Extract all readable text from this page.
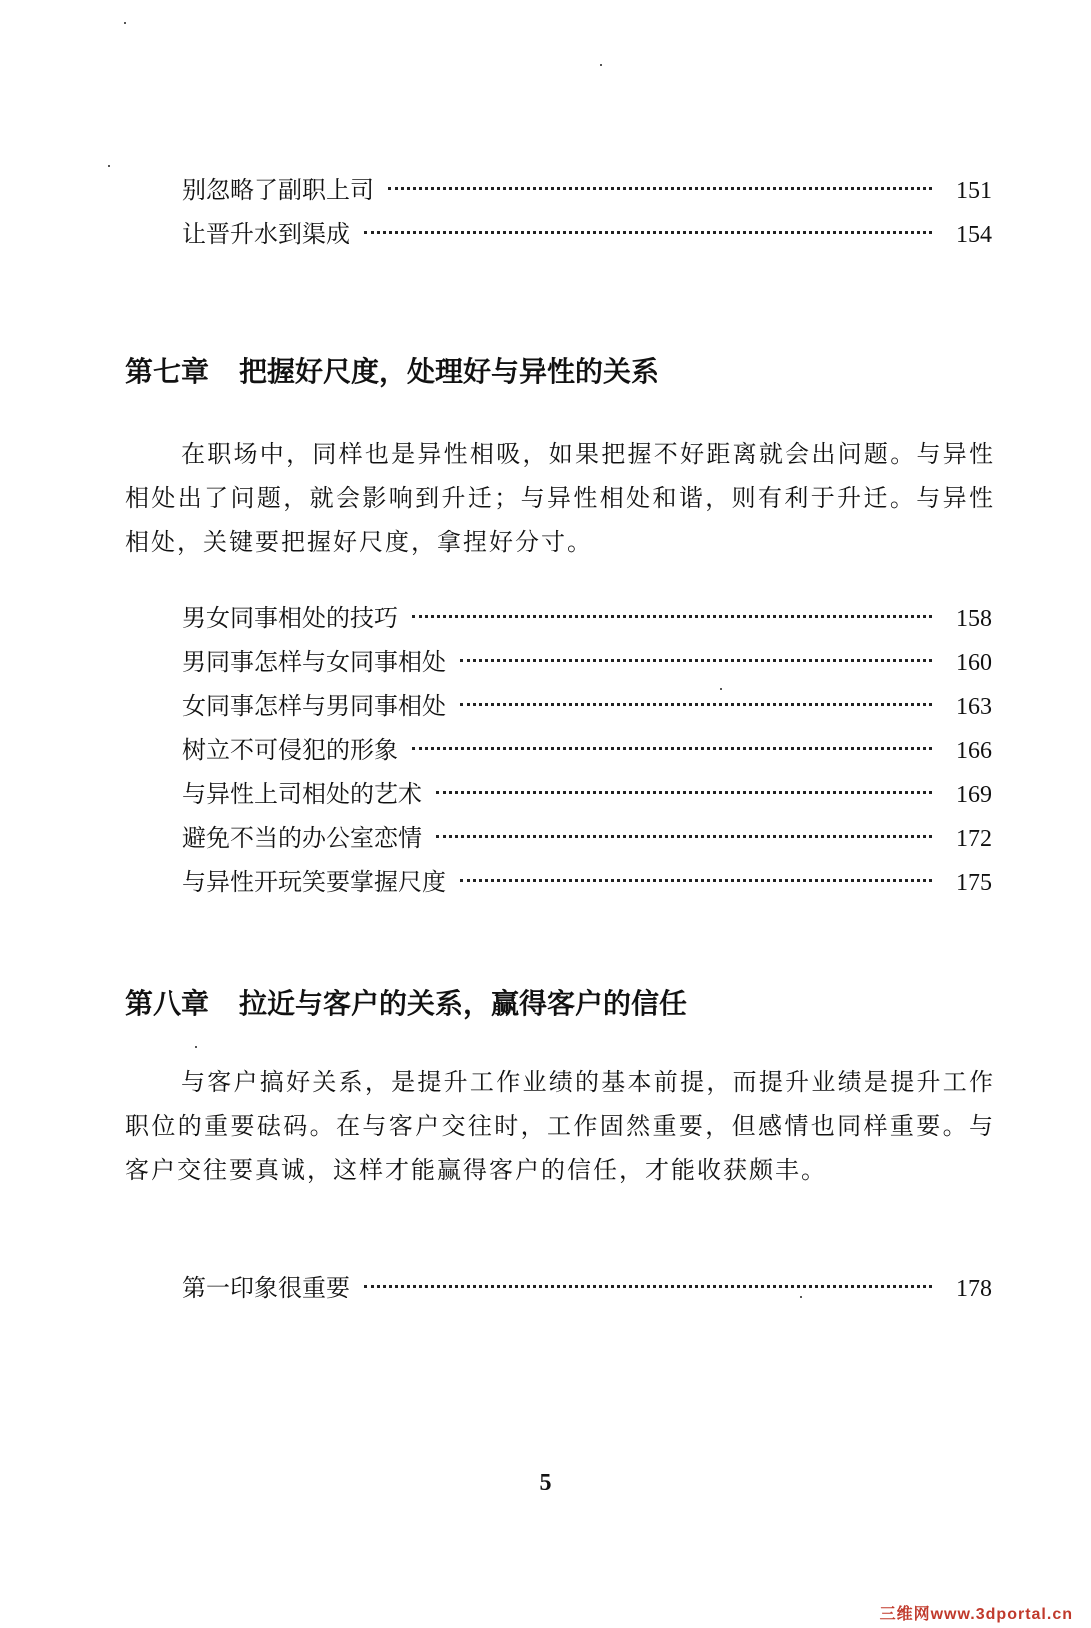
别忽略了副职上司	151
让晋升水到渠成	154
第七章 把握好尺度，处理好与异性的关系

在职场中，同样也是异性相吸，如果把握不好距离就会出问题。与异性相处出了问题，就会影响到升迁；与异性相处和谐，则有利于升迁。与异性相处，关键要把握好尺度，拿捏好分寸。

男女同事相处的技巧	158
男同事怎样与女同事相处	160
女同事怎样与男同事相处	163
树立不可侵犯的形象	166
与异性上司相处的艺术	169
避免不当的办公室恋情	172
与异性开玩笑要掌握尺度	175
第八章 拉近与客户的关系，赢得客户的信任

与客户搞好关系，是提升工作业绩的基本前提，而提升业绩是提升工作职位的重要砝码。在与客户交往时，工作固然重要，但感情也同样重要。与客户交往要真诚，这样才能赢得客户的信任，才能收获颇丰。

第一印象很重要	178
5
三维网www.3dportal.cn
